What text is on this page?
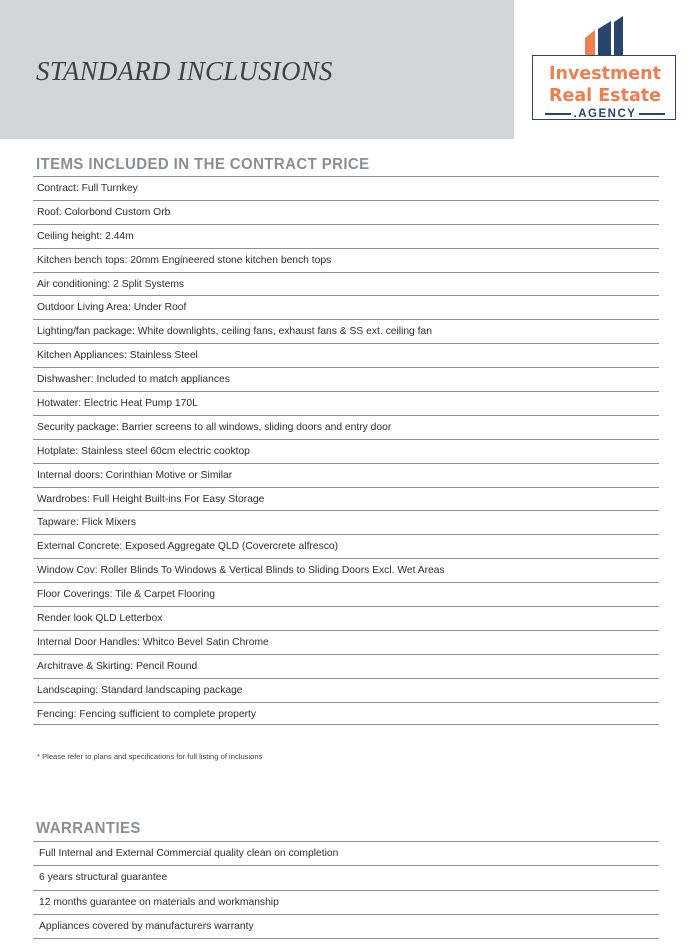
STANDARD INCLUSIONS	Investment
Real Estate
.AGENCY
ITEMS INCLUDED IN THE CONTRACT PRICE
Contract: Full Turnkey
Roof: Colorbond Custom Orb
Ceiling height: 2.44m
Kitchen bench tops: 20mm Engineered stone kitchen bench tops
Air conditioning: 2 Split Systems
Outdoor Living Area: Under Roof
Lighting/fan package: White downlights, ceiling fans, exhaust fans & SS ext. ceiling fan
Kitchen Appliances: Stainless Steel
Dishwasher: Included to match appliances
Hotwater: Electric Heat Pump 170L
Security package: Barrier screens to all windows, sliding doors and entry door
Hotplate: Stainless steel 60cm electric cooktop
Internal doors: Corinthian Motive or Similar
Wardrobes: Full Height Built-ins For Easy Storage
Tapware: Flick Mixers
External Concrete: Exposed Aggregate QLD (Covercrete alfresco)
Window Cov: Roller Blinds To Windows & Vertical Blinds to Sliding Doors Excl. Wet Areas
Floor Coverings: Tile & Carpet Flooring
Render look QLD Letterbox
Internal Door Handles: Whitco Bevel Satin Chrome
Architrave & Skirting: Pencil Round
Landscaping: Standard landscaping package
Fencing: Fencing sufficient to complete property
* Please refer to plans and specifications for full listing of inclusions
WARRANTIES
Full Internal and External Commercial quality clean on completion
6 years structural guarantee
12 months guarantee on materials and workmanship
Appliances covered by manufacturers warranty
